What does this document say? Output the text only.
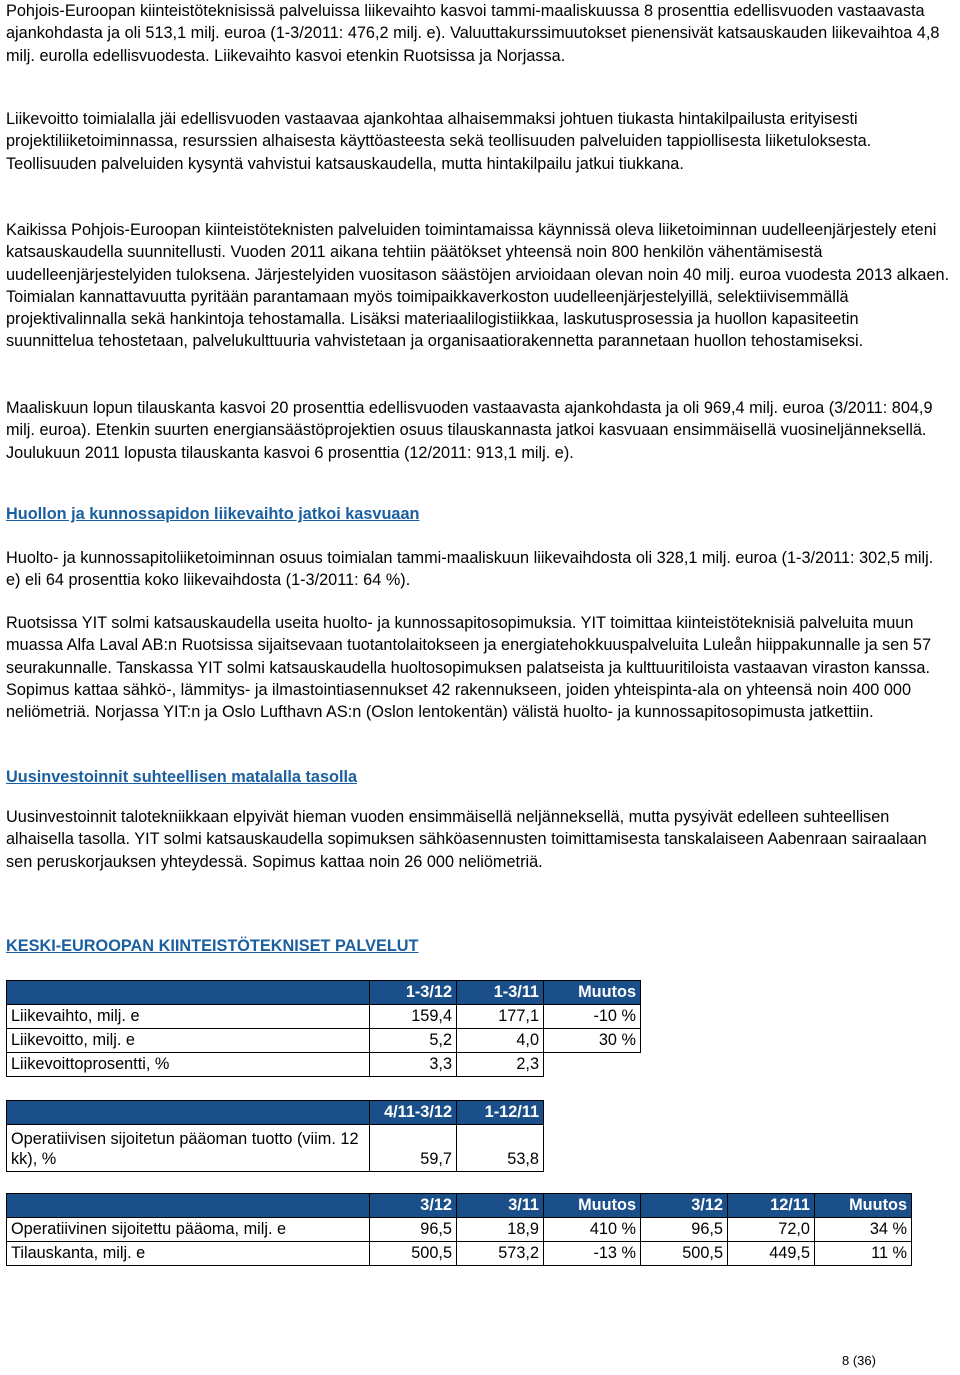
Pohjois-Euroopan kiinteistöteknisissä palveluissa liikevaihto kasvoi tammi-maaliskuussa 8 prosenttia edellisvuoden vastaavasta ajankohdasta ja oli 513,1 milj. euroa (1-3/2011: 476,2 milj. e). Valuuttakurssimuutokset pienensivät katsauskauden liikevaihtoa 4,8 milj. eurolla edellisvuodesta. Liikevaihto kasvoi etenkin Ruotsissa ja Norjassa.

Liikevoitto toimialalla jäi edellisvuoden vastaavaa ajankohtaa alhaisemmaksi johtuen tiukasta hintakilpailusta erityisesti projektiliiketoiminnassa, resurssien alhaisesta käyttöasteesta sekä teollisuuden palveluiden tappiollisesta liiketuloksesta. Teollisuuden palveluiden kysyntä vahvistui katsauskaudella, mutta hintakilpailu jatkui tiukkana.

Kaikissa Pohjois-Euroopan kiinteistöteknisten palveluiden toimintamaissa käynnissä oleva liiketoiminnan uudelleenjärjestely eteni katsauskaudella suunnitellusti. Vuoden 2011 aikana tehtiin päätökset yhteensä noin 800 henkilön vähentämisestä uudelleenjärjestelyiden tuloksena. Järjestelyiden vuositason säästöjen arvioidaan olevan noin 40 milj. euroa vuodesta 2013 alkaen. Toimialan kannattavuutta pyritään parantamaan myös toimipaikkaverkoston uudelleenjärjestelyillä, selektiivisemmällä projektivalinnalla sekä hankintoja tehostamalla. Lisäksi materiaalilogistiikkaa, laskutusprosessia ja huollon kapasiteetin suunnittelua tehostetaan, palvelukulttuuria vahvistetaan ja organisaatiorakennetta parannetaan huollon tehostamiseksi.

Maaliskuun lopun tilauskanta kasvoi 20 prosenttia edellisvuoden vastaavasta ajankohdasta ja oli 969,4 milj. euroa (3/2011: 804,9 milj. euroa). Etenkin suurten energiansäästöprojektien osuus tilauskannasta jatkoi kasvuaan ensimmäisellä vuosineljänneksellä. Joulukuun 2011 lopusta tilauskanta kasvoi 6 prosenttia (12/2011: 913,1 milj. e).

Huollon ja kunnossapidon liikevaihto jatkoi kasvuaan

Huolto- ja kunnossapitoliiketoiminnan osuus toimialan tammi-maaliskuun liikevaihdosta oli 328,1 milj. euroa (1-3/2011: 302,5 milj. e) eli 64 prosenttia koko liikevaihdosta (1-3/2011: 64 %).

Ruotsissa YIT solmi katsauskaudella useita huolto- ja kunnossapitosopimuksia. YIT toimittaa kiinteistöteknisiä palveluita muun muassa Alfa Laval AB:n Ruotsissa sijaitsevaan tuotantolaitokseen ja energiatehokkuuspalveluita Luleån hiippakunnalle ja sen 57 seurakunnalle. Tanskassa YIT solmi katsauskaudella huoltosopimuksen palatseista ja kulttuuritiloista vastaavan viraston kanssa. Sopimus kattaa sähkö-, lämmitys- ja ilmastointiasennukset 42 rakennukseen, joiden yhteispinta-ala on yhteensä noin 400 000 neliömetriä. Norjassa YIT:n ja Oslo Lufthavn AS:n (Oslon lentokentän) välistä huolto- ja kunnossapitosopimusta jatkettiin.

Uusinvestoinnit suhteellisen matalalla tasolla

Uusinvestoinnit talotekniikkaan elpyivät hieman vuoden ensimmäisellä neljänneksellä, mutta pysyivät edelleen suhteellisen alhaisella tasolla. YIT solmi katsauskaudella sopimuksen sähköasennusten toimittamisesta tanskalaiseen Aabenraan sairaalaan sen peruskorjauksen yhteydessä. Sopimus kattaa noin 26 000 neliömetriä.

KESKI-EUROOPAN KIINTEISTÖTEKNISET PALVELUT
	1-3/12	1-3/11	Muutos
Liikevaihto, milj. e	159,4	177,1	-10 %
Liikevoitto, milj. e	5,2	4,0	30 %
Liikevoittoprosentti, %	3,3	2,3	
	4/11-3/12	1-12/11
Operatiivisen sijoitetun pääoman tuotto (viim. 12 kk), %	59,7	53,8
	3/12	3/11	Muutos	3/12	12/11	Muutos
Operatiivinen sijoitettu pääoma, milj. e	96,5	18,9	410 %	96,5	72,0	34 %
Tilauskanta, milj. e	500,5	573,2	-13 %	500,5	449,5	11 %
8 (36)
